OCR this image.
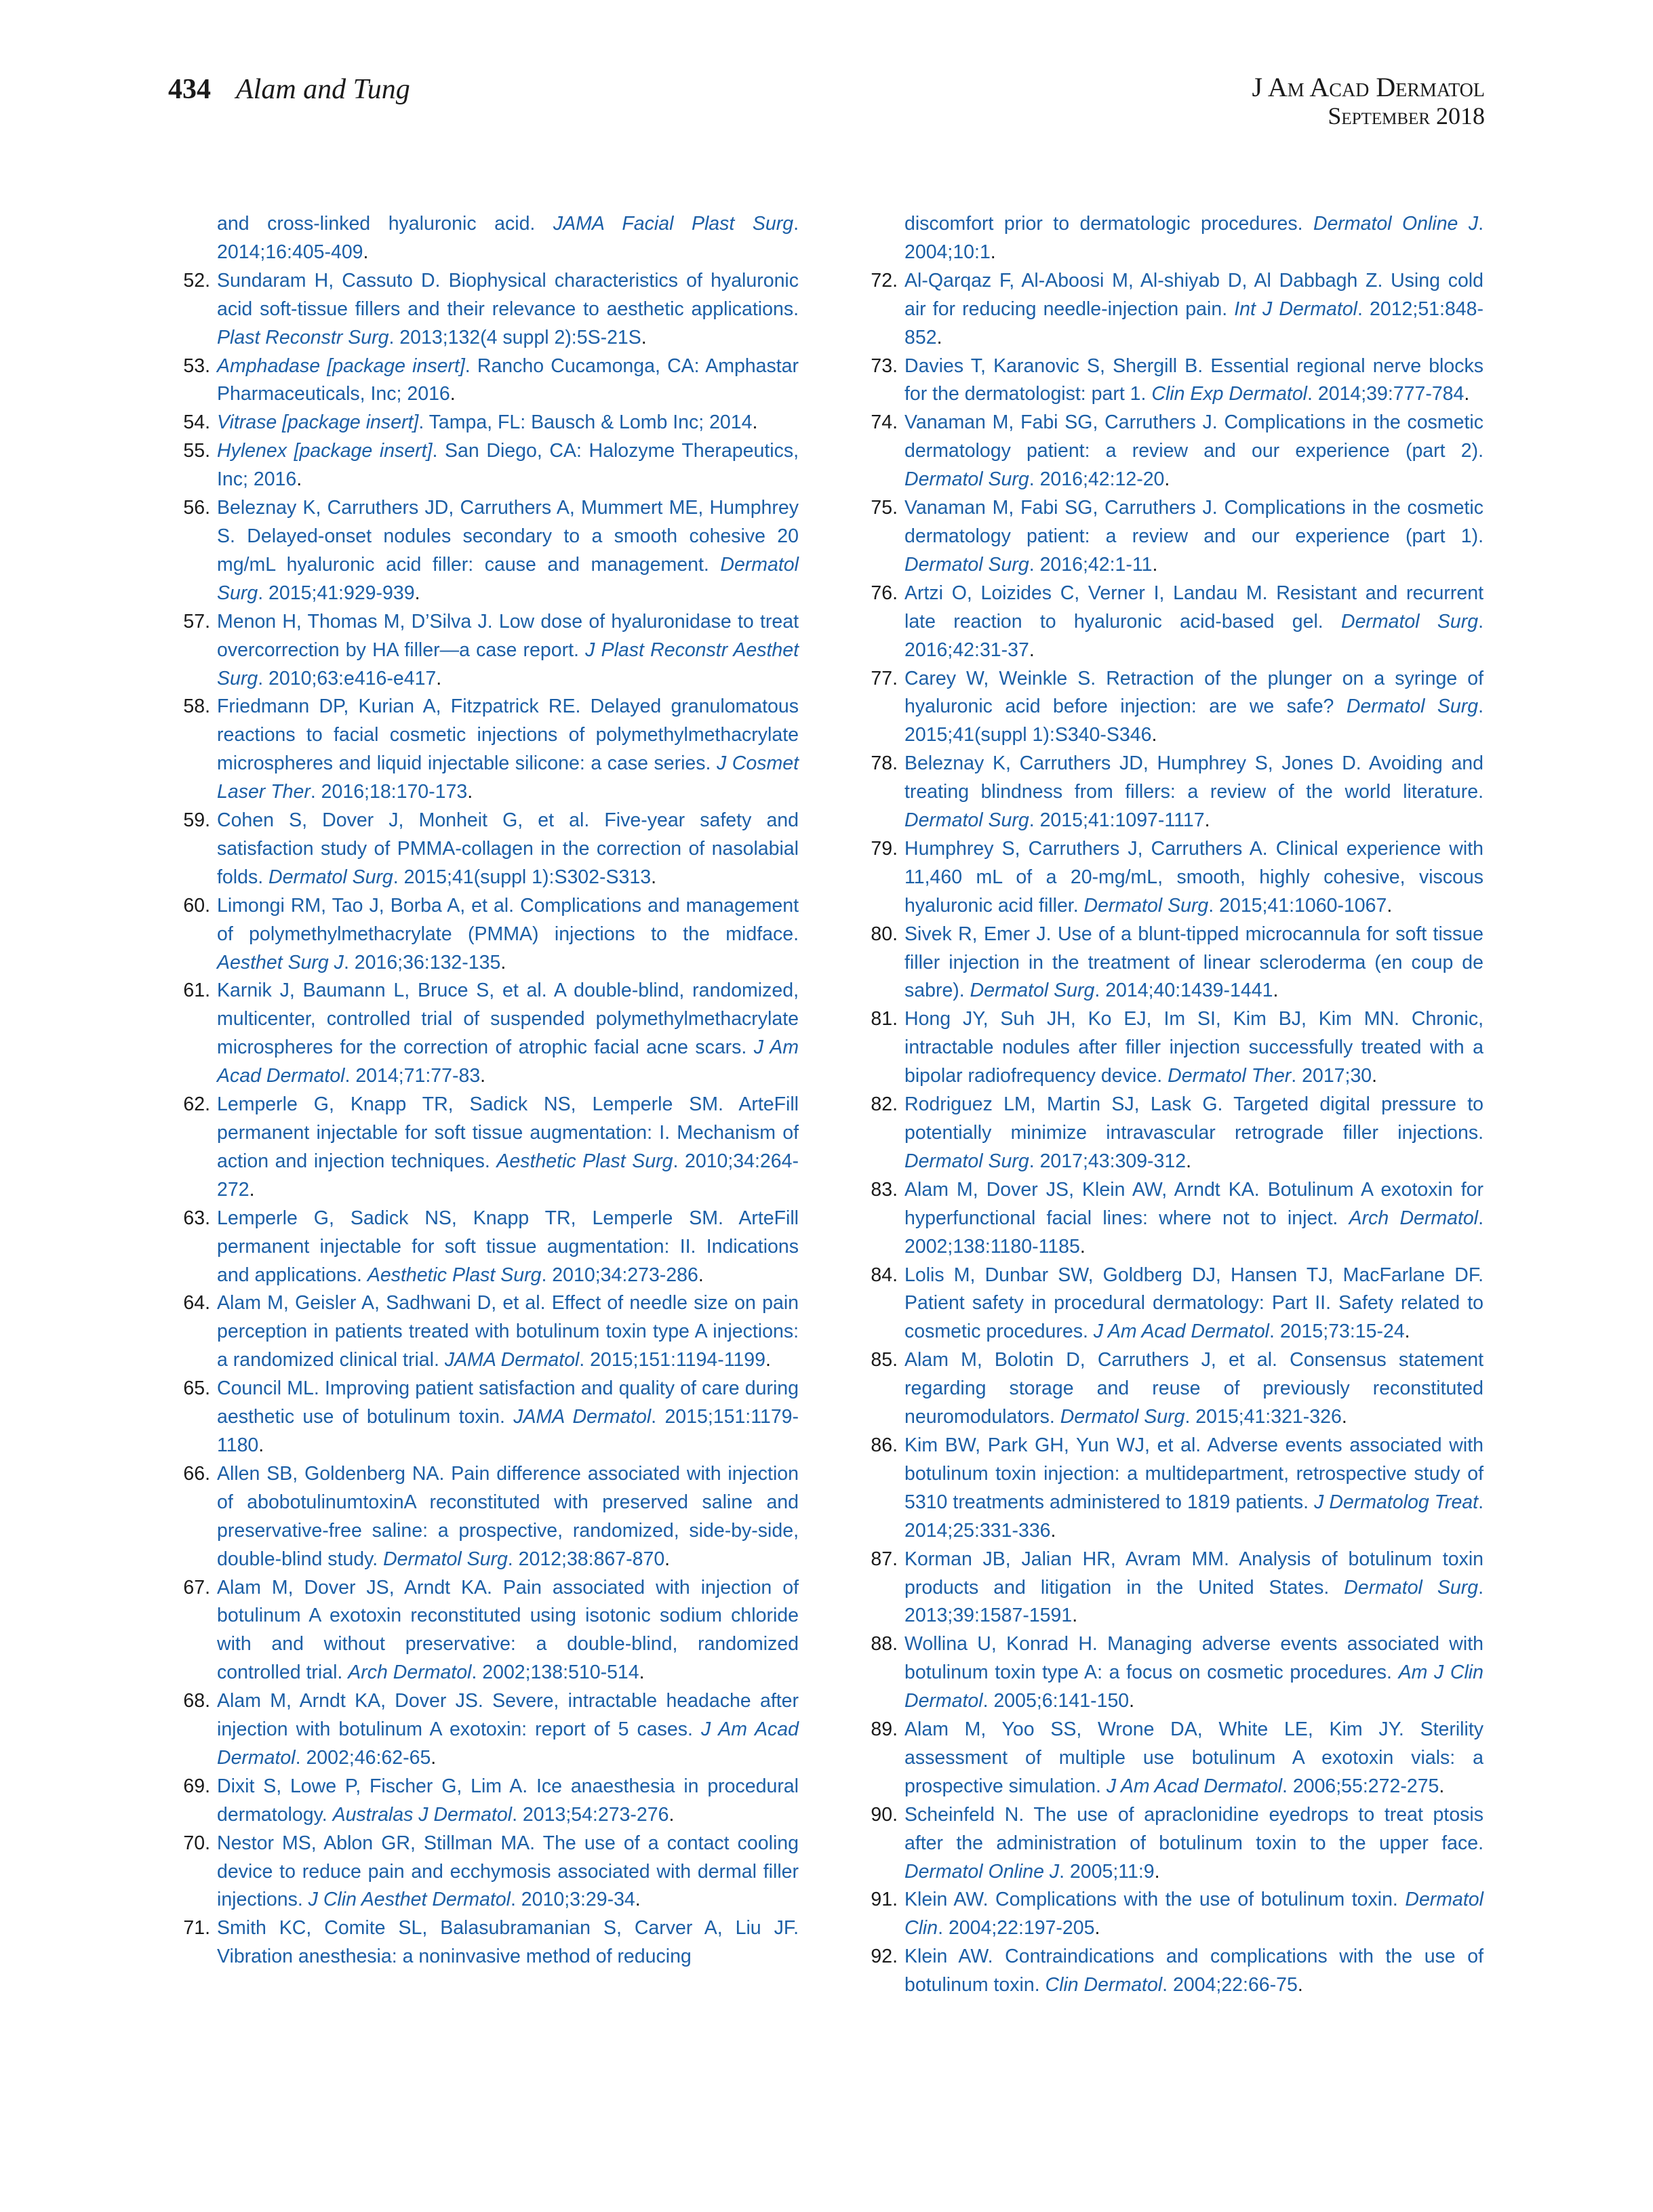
434 Alam and Tung	J Am Acad Dermatol
September 2018
and cross-linked hyaluronic acid. JAMA Facial Plast Surg. 2014;16:405-409.
52. Sundaram H, Cassuto D. Biophysical characteristics of hyaluronic acid soft-tissue fillers and their relevance to aesthetic applications. Plast Reconstr Surg. 2013;132(4 suppl 2):5S-21S.
53. Amphadase [package insert]. Rancho Cucamonga, CA: Amphastar Pharmaceuticals, Inc; 2016.
54. Vitrase [package insert]. Tampa, FL: Bausch & Lomb Inc; 2014.
55. Hylenex [package insert]. San Diego, CA: Halozyme Therapeutics, Inc; 2016.
56. Beleznay K, Carruthers JD, Carruthers A, Mummert ME, Humphrey S. Delayed-onset nodules secondary to a smooth cohesive 20 mg/mL hyaluronic acid filler: cause and management. Dermatol Surg. 2015;41:929-939.
57. Menon H, Thomas M, D’Silva J. Low dose of hyaluronidase to treat overcorrection by HA filler—a case report. J Plast Reconstr Aesthet Surg. 2010;63:e416-e417.
58. Friedmann DP, Kurian A, Fitzpatrick RE. Delayed granulomatous reactions to facial cosmetic injections of polymethylmethacrylate microspheres and liquid injectable silicone: a case series. J Cosmet Laser Ther. 2016;18:170-173.
59. Cohen S, Dover J, Monheit G, et al. Five-year safety and satisfaction study of PMMA-collagen in the correction of nasolabial folds. Dermatol Surg. 2015;41(suppl 1):S302-S313.
60. Limongi RM, Tao J, Borba A, et al. Complications and management of polymethylmethacrylate (PMMA) injections to the midface. Aesthet Surg J. 2016;36:132-135.
61. Karnik J, Baumann L, Bruce S, et al. A double-blind, randomized, multicenter, controlled trial of suspended polymethylmethacrylate microspheres for the correction of atrophic facial acne scars. J Am Acad Dermatol. 2014;71:77-83.
62. Lemperle G, Knapp TR, Sadick NS, Lemperle SM. ArteFill permanent injectable for soft tissue augmentation: I. Mechanism of action and injection techniques. Aesthetic Plast Surg. 2010;34:264-272.
63. Lemperle G, Sadick NS, Knapp TR, Lemperle SM. ArteFill permanent injectable for soft tissue augmentation: II. Indications and applications. Aesthetic Plast Surg. 2010;34:273-286.
64. Alam M, Geisler A, Sadhwani D, et al. Effect of needle size on pain perception in patients treated with botulinum toxin type A injections: a randomized clinical trial. JAMA Dermatol. 2015;151:1194-1199.
65. Council ML. Improving patient satisfaction and quality of care during aesthetic use of botulinum toxin. JAMA Dermatol. 2015;151:1179-1180.
66. Allen SB, Goldenberg NA. Pain difference associated with injection of abobotulinumtoxinA reconstituted with preserved saline and preservative-free saline: a prospective, randomized, side-by-side, double-blind study. Dermatol Surg. 2012;38:867-870.
67. Alam M, Dover JS, Arndt KA. Pain associated with injection of botulinum A exotoxin reconstituted using isotonic sodium chloride with and without preservative: a double-blind, randomized controlled trial. Arch Dermatol. 2002;138:510-514.
68. Alam M, Arndt KA, Dover JS. Severe, intractable headache after injection with botulinum A exotoxin: report of 5 cases. J Am Acad Dermatol. 2002;46:62-65.
69. Dixit S, Lowe P, Fischer G, Lim A. Ice anaesthesia in procedural dermatology. Australas J Dermatol. 2013;54:273-276.
70. Nestor MS, Ablon GR, Stillman MA. The use of a contact cooling device to reduce pain and ecchymosis associated with dermal filler injections. J Clin Aesthet Dermatol. 2010;3:29-34.
71. Smith KC, Comite SL, Balasubramanian S, Carver A, Liu JF. Vibration anesthesia: a noninvasive method of reducing
discomfort prior to dermatologic procedures. Dermatol Online J. 2004;10:1.
72. Al-Qarqaz F, Al-Aboosi M, Al-shiyab D, Al Dabbagh Z. Using cold air for reducing needle-injection pain. Int J Dermatol. 2012;51:848-852.
73. Davies T, Karanovic S, Shergill B. Essential regional nerve blocks for the dermatologist: part 1. Clin Exp Dermatol. 2014;39:777-784.
74. Vanaman M, Fabi SG, Carruthers J. Complications in the cosmetic dermatology patient: a review and our experience (part 2). Dermatol Surg. 2016;42:12-20.
75. Vanaman M, Fabi SG, Carruthers J. Complications in the cosmetic dermatology patient: a review and our experience (part 1). Dermatol Surg. 2016;42:1-11.
76. Artzi O, Loizides C, Verner I, Landau M. Resistant and recurrent late reaction to hyaluronic acid-based gel. Dermatol Surg. 2016;42:31-37.
77. Carey W, Weinkle S. Retraction of the plunger on a syringe of hyaluronic acid before injection: are we safe? Dermatol Surg. 2015;41(suppl 1):S340-S346.
78. Beleznay K, Carruthers JD, Humphrey S, Jones D. Avoiding and treating blindness from fillers: a review of the world literature. Dermatol Surg. 2015;41:1097-1117.
79. Humphrey S, Carruthers J, Carruthers A. Clinical experience with 11,460 mL of a 20-mg/mL, smooth, highly cohesive, viscous hyaluronic acid filler. Dermatol Surg. 2015;41:1060-1067.
80. Sivek R, Emer J. Use of a blunt-tipped microcannula for soft tissue filler injection in the treatment of linear scleroderma (en coup de sabre). Dermatol Surg. 2014;40:1439-1441.
81. Hong JY, Suh JH, Ko EJ, Im SI, Kim BJ, Kim MN. Chronic, intractable nodules after filler injection successfully treated with a bipolar radiofrequency device. Dermatol Ther. 2017;30.
82. Rodriguez LM, Martin SJ, Lask G. Targeted digital pressure to potentially minimize intravascular retrograde filler injections. Dermatol Surg. 2017;43:309-312.
83. Alam M, Dover JS, Klein AW, Arndt KA. Botulinum A exotoxin for hyperfunctional facial lines: where not to inject. Arch Dermatol. 2002;138:1180-1185.
84. Lolis M, Dunbar SW, Goldberg DJ, Hansen TJ, MacFarlane DF. Patient safety in procedural dermatology: Part II. Safety related to cosmetic procedures. J Am Acad Dermatol. 2015;73:15-24.
85. Alam M, Bolotin D, Carruthers J, et al. Consensus statement regarding storage and reuse of previously reconstituted neuromodulators. Dermatol Surg. 2015;41:321-326.
86. Kim BW, Park GH, Yun WJ, et al. Adverse events associated with botulinum toxin injection: a multidepartment, retrospective study of 5310 treatments administered to 1819 patients. J Dermatolog Treat. 2014;25:331-336.
87. Korman JB, Jalian HR, Avram MM. Analysis of botulinum toxin products and litigation in the United States. Dermatol Surg. 2013;39:1587-1591.
88. Wollina U, Konrad H. Managing adverse events associated with botulinum toxin type A: a focus on cosmetic procedures. Am J Clin Dermatol. 2005;6:141-150.
89. Alam M, Yoo SS, Wrone DA, White LE, Kim JY. Sterility assessment of multiple use botulinum A exotoxin vials: a prospective simulation. J Am Acad Dermatol. 2006;55:272-275.
90. Scheinfeld N. The use of apraclonidine eyedrops to treat ptosis after the administration of botulinum toxin to the upper face. Dermatol Online J. 2005;11:9.
91. Klein AW. Complications with the use of botulinum toxin. Dermatol Clin. 2004;22:197-205.
92. Klein AW. Contraindications and complications with the use of botulinum toxin. Clin Dermatol. 2004;22:66-75.
